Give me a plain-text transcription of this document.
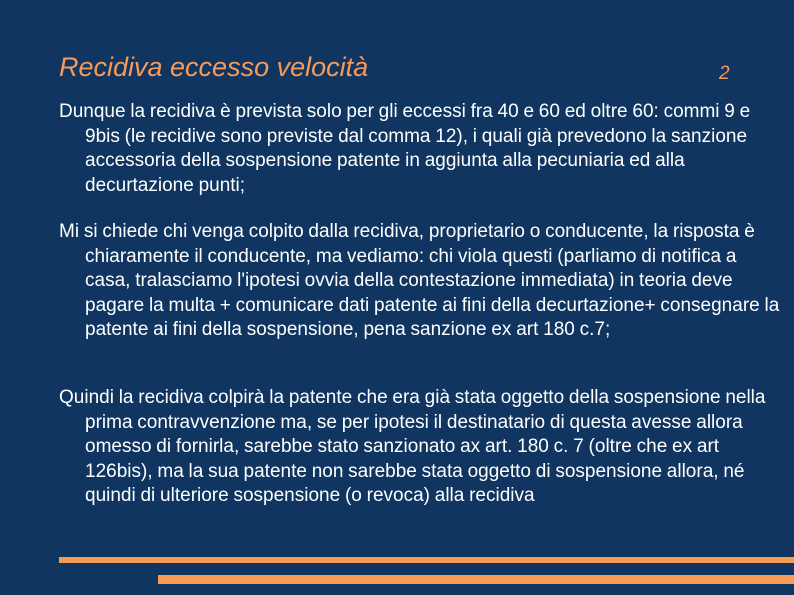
Recidiva eccesso velocità	2

Dunque la recidiva è prevista solo per gli eccessi fra 40 e 60 ed oltre 60: commi 9 e 9bis (le recidive sono previste dal comma 12), i quali già prevedono la sanzione accessoria della sospensione patente in aggiunta alla pecuniaria ed alla decurtazione punti;

Mi si chiede chi venga colpito dalla recidiva, proprietario o conducente, la risposta è chiaramente il conducente, ma vediamo: chi viola questi (parliamo di notifica a casa, tralasciamo l'ipotesi ovvia della contestazione immediata) in teoria deve pagare la multa + comunicare dati patente ai fini della decurtazione+ consegnare la patente ai fini della sospensione, pena sanzione ex art 180 c.7;

Quindi la recidiva colpirà la patente che era già stata oggetto della sospensione nella prima contravvenzione ma, se per ipotesi il destinatario di questa avesse allora omesso di fornirla, sarebbe stato sanzionato ax art. 180 c. 7 (oltre che ex art 126bis), ma la sua patente non sarebbe stata oggetto di sospensione allora, né quindi di ulteriore sospensione (o revoca) alla recidiva
